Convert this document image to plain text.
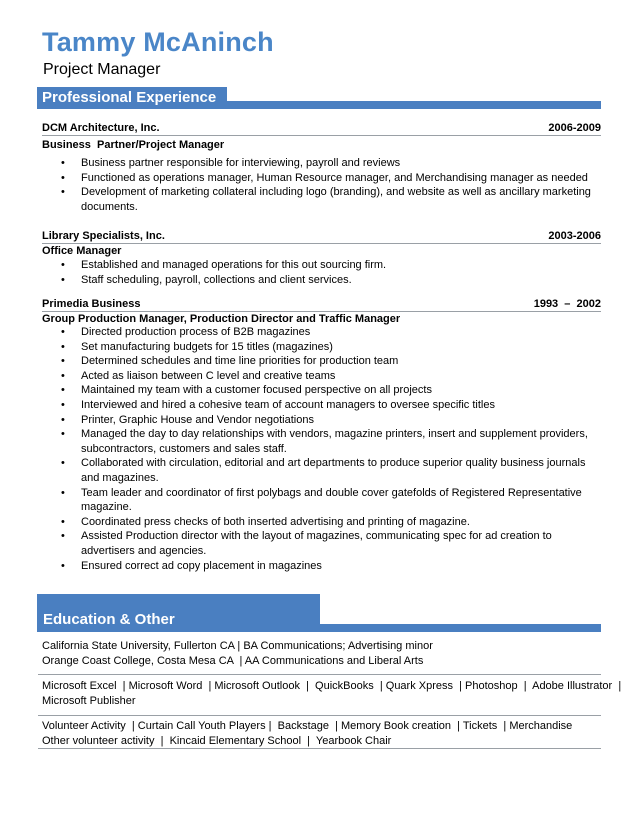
Tammy McAninch
Project Manager
Professional Experience
DCM Architecture, Inc.	2006-2009
Business  Partner/Project Manager
• Business partner responsible for interviewing, payroll and reviews
• Functioned as operations manager, Human Resource manager, and Merchandising manager as needed
• Development of marketing collateral including logo (branding), and website as well as ancillary marketing documents.
Library Specialists, Inc.	2003-2006
Office Manager
• Established and managed operations for this out sourcing firm.
• Staff scheduling, payroll, collections and client services.
Primedia Business	1993  –  2002
Group Production Manager, Production Director and Traffic Manager
• Directed production process of B2B magazines
• Set manufacturing budgets for 15 titles (magazines)
• Determined schedules and time line priorities for production team
• Acted as liaison between C level and creative teams
• Maintained my team with a customer focused perspective on all projects
• Interviewed and hired a cohesive team of account managers to oversee specific titles
• Printer, Graphic House and Vendor negotiations
• Managed the day to day relationships with vendors, magazine printers, insert and supplement providers, subcontractors, customers and sales staff.
• Collaborated with circulation, editorial and art departments to produce superior quality business journals and magazines.
• Team leader and coordinator of first polybags and double cover gatefolds of Registered Representative magazine.
• Coordinated press checks of both inserted advertising and printing of magazine.
• Assisted Production director with the layout of magazines, communicating spec for ad creation to advertisers and agencies.
• Ensured correct ad copy placement in magazines
Education & Other
California State University, Fullerton CA | BA Communications; Advertising minor
Orange Coast College, Costa Mesa CA  | AA Communications and Liberal Arts
Microsoft Excel  | Microsoft Word  | Microsoft Outlook  |  QuickBooks  | Quark Xpress  | Photoshop  |  Adobe Illustrator  |
Microsoft Publisher
Volunteer Activity  | Curtain Call Youth Players |  Backstage  | Memory Book creation  | Tickets  | Merchandise
Other volunteer activity  |  Kincaid Elementary School  |  Yearbook Chair
